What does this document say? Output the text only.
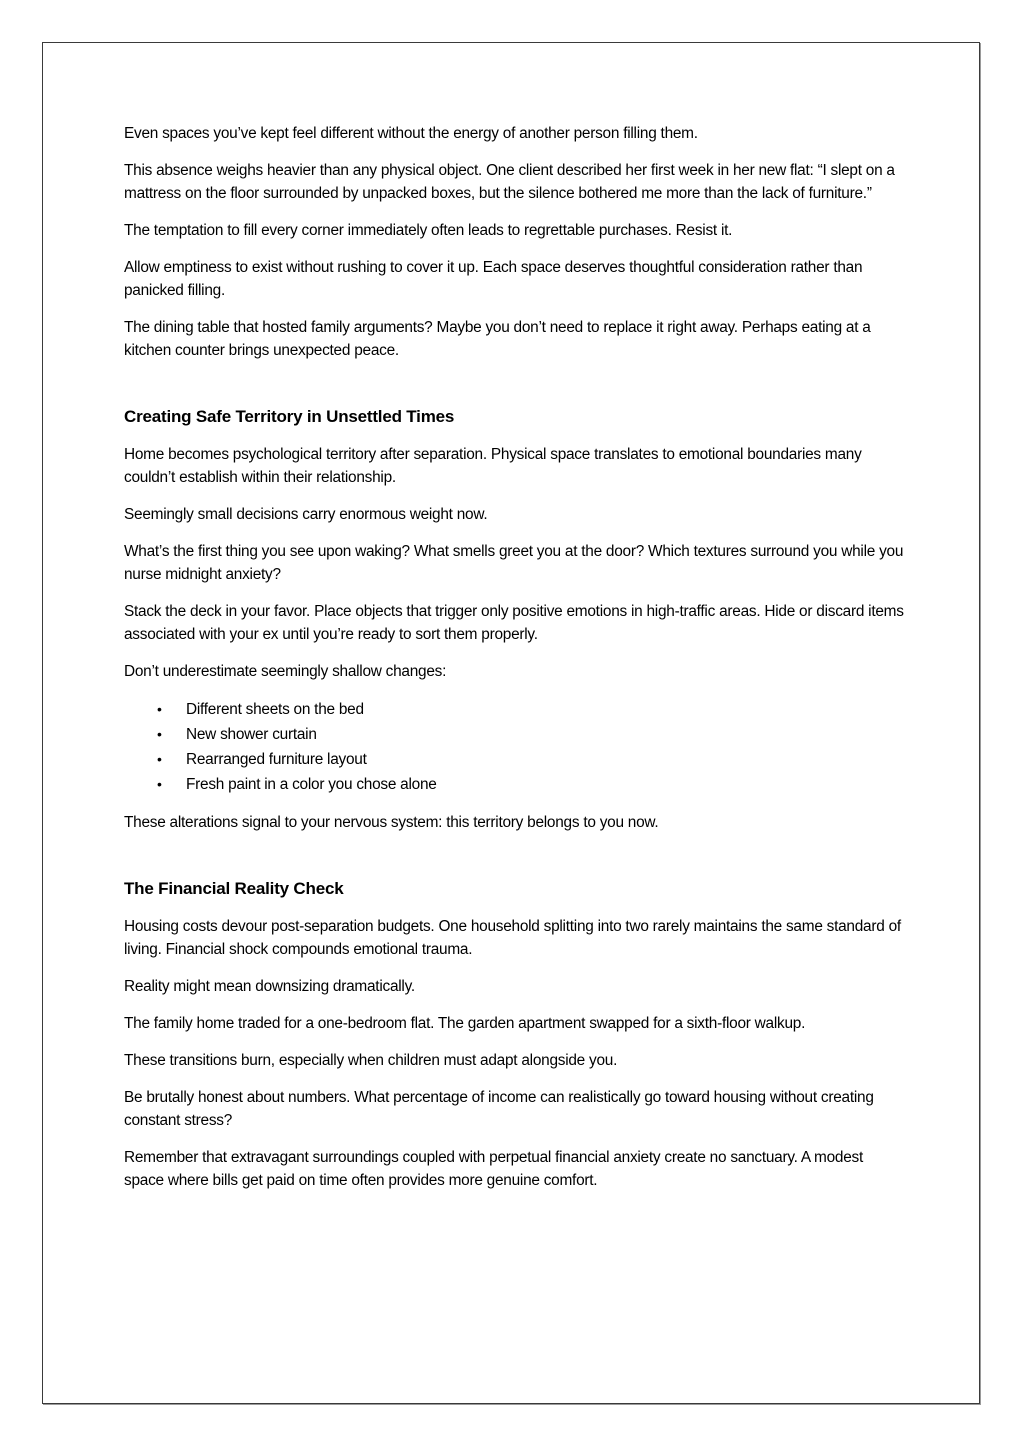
Even spaces you’ve kept feel different without the energy of another person filling them.

This absence weighs heavier than any physical object. One client described her first week in her new flat: “I slept on a mattress on the floor surrounded by unpacked boxes, but the silence bothered me more than the lack of furniture.”

The temptation to fill every corner immediately often leads to regrettable purchases. Resist it.

Allow emptiness to exist without rushing to cover it up. Each space deserves thoughtful consideration rather than panicked filling.

The dining table that hosted family arguments? Maybe you don’t need to replace it right away. Perhaps eating at a kitchen counter brings unexpected peace.

Creating Safe Territory in Unsettled Times

Home becomes psychological territory after separation. Physical space translates to emotional boundaries many couldn’t establish within their relationship.

Seemingly small decisions carry enormous weight now.

What’s the first thing you see upon waking? What smells greet you at the door? Which textures surround you while you nurse midnight anxiety?

Stack the deck in your favor. Place objects that trigger only positive emotions in high-traffic areas. Hide or discard items associated with your ex until you’re ready to sort them properly.

Don’t underestimate seemingly shallow changes:

• Different sheets on the bed
• New shower curtain
• Rearranged furniture layout
• Fresh paint in a color you chose alone

These alterations signal to your nervous system: this territory belongs to you now.

The Financial Reality Check

Housing costs devour post-separation budgets. One household splitting into two rarely maintains the same standard of living. Financial shock compounds emotional trauma.

Reality might mean downsizing dramatically.

The family home traded for a one-bedroom flat. The garden apartment swapped for a sixth-floor walkup.

These transitions burn, especially when children must adapt alongside you.

Be brutally honest about numbers. What percentage of income can realistically go toward housing without creating constant stress?

Remember that extravagant surroundings coupled with perpetual financial anxiety create no sanctuary. A modest space where bills get paid on time often provides more genuine comfort.
